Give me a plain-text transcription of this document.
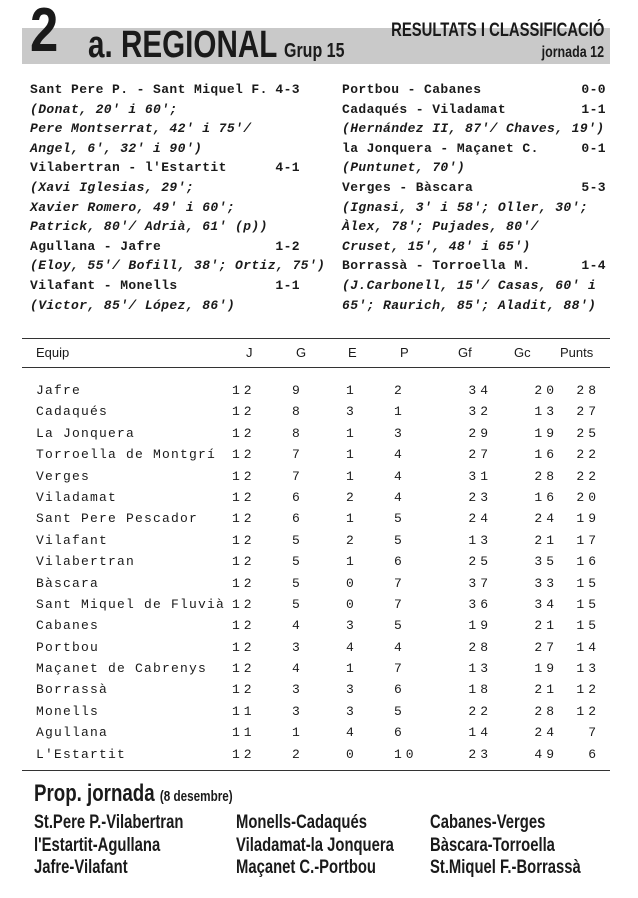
2 a. REGIONAL Grup 15
RESULTATS I CLASSIFICACIÓ
jornada 12
Sant Pere P. - Sant Miquel F. 4-3
(Donat, 20' i 60';
Pere Montserrat, 42' i 75'/
Angel, 6', 32' i 90')
Vilabertran - l'Estartit	4-1
(Xavi Iglesias, 29';
Xavier Romero, 49' i 60';
Patrick, 80'/ Adrià, 61' (p))
Agullana - Jafre	1-2
(Eloy, 55'/ Bofill, 38'; Ortiz, 75')
Vilafant - Monells	1-1
(Victor, 85'/ López, 86')
Portbou - Cabanes	0-0
Cadaqués - Viladamat	1-1
(Hernández II, 87'/ Chaves, 19')
la Jonquera - Maçanet C.	0-1
(Puntunet, 70')
Verges - Bàscara	5-3
(Ignasi, 3' i 58'; Oller, 30';
Àlex, 78'; Pujades, 80'/
Cruset, 15', 48' i 65')
Borrassà - Torroella M.	1-4
(J.Carbonell, 15'/ Casas, 60' i
65'; Raurich, 85'; Aladit, 88')
Equip	J	G	E	P	Gf	Gc Punts
Jafre	12	9	1	2	34	20	28
Cadaqués	12	8	3	1	32	13	27
La Jonquera	12	8	1	3	29	19	25
Torroella de Montgrí 12	7	1	4	27	16	22
Verges	12	7	1	4	31	28	22
Viladamat	12	6	2	4	23	16	20
Sant Pere Pescador	12	6	1	5	24	24	19
Vilafant	12	5	2	5	13	21	17
Vilabertran	12	5	1	6	25	35	16
Bàscara	12	5	0	7	37	33	15
Sant Miquel de Fluvià 12	5	0	7	36	34	15
Cabanes	12	4	3	5	19	21	15
Portbou	12	3	4	4	28	27	14
Maçanet de Cabrenys 12	4	1	7	13	19	13
Borrassà	12	3	3	6	18	21	12
Monells	11	3	3	5	22	28	12
Agullana	11	1	4	6	14	24	7
L'Estartit	12	2	0	10	23	49	6
Prop. jornada (8 desembre)
St.Pere P.-Vilabertran
l'Estartit-Agullana
Jafre-Vilafant
Monells-Cadaqués
Viladamat-la Jonquera
Maçanet C.-Portbou
Cabanes-Verges
Bàscara-Torroella
St.Miquel F.-Borrassà
